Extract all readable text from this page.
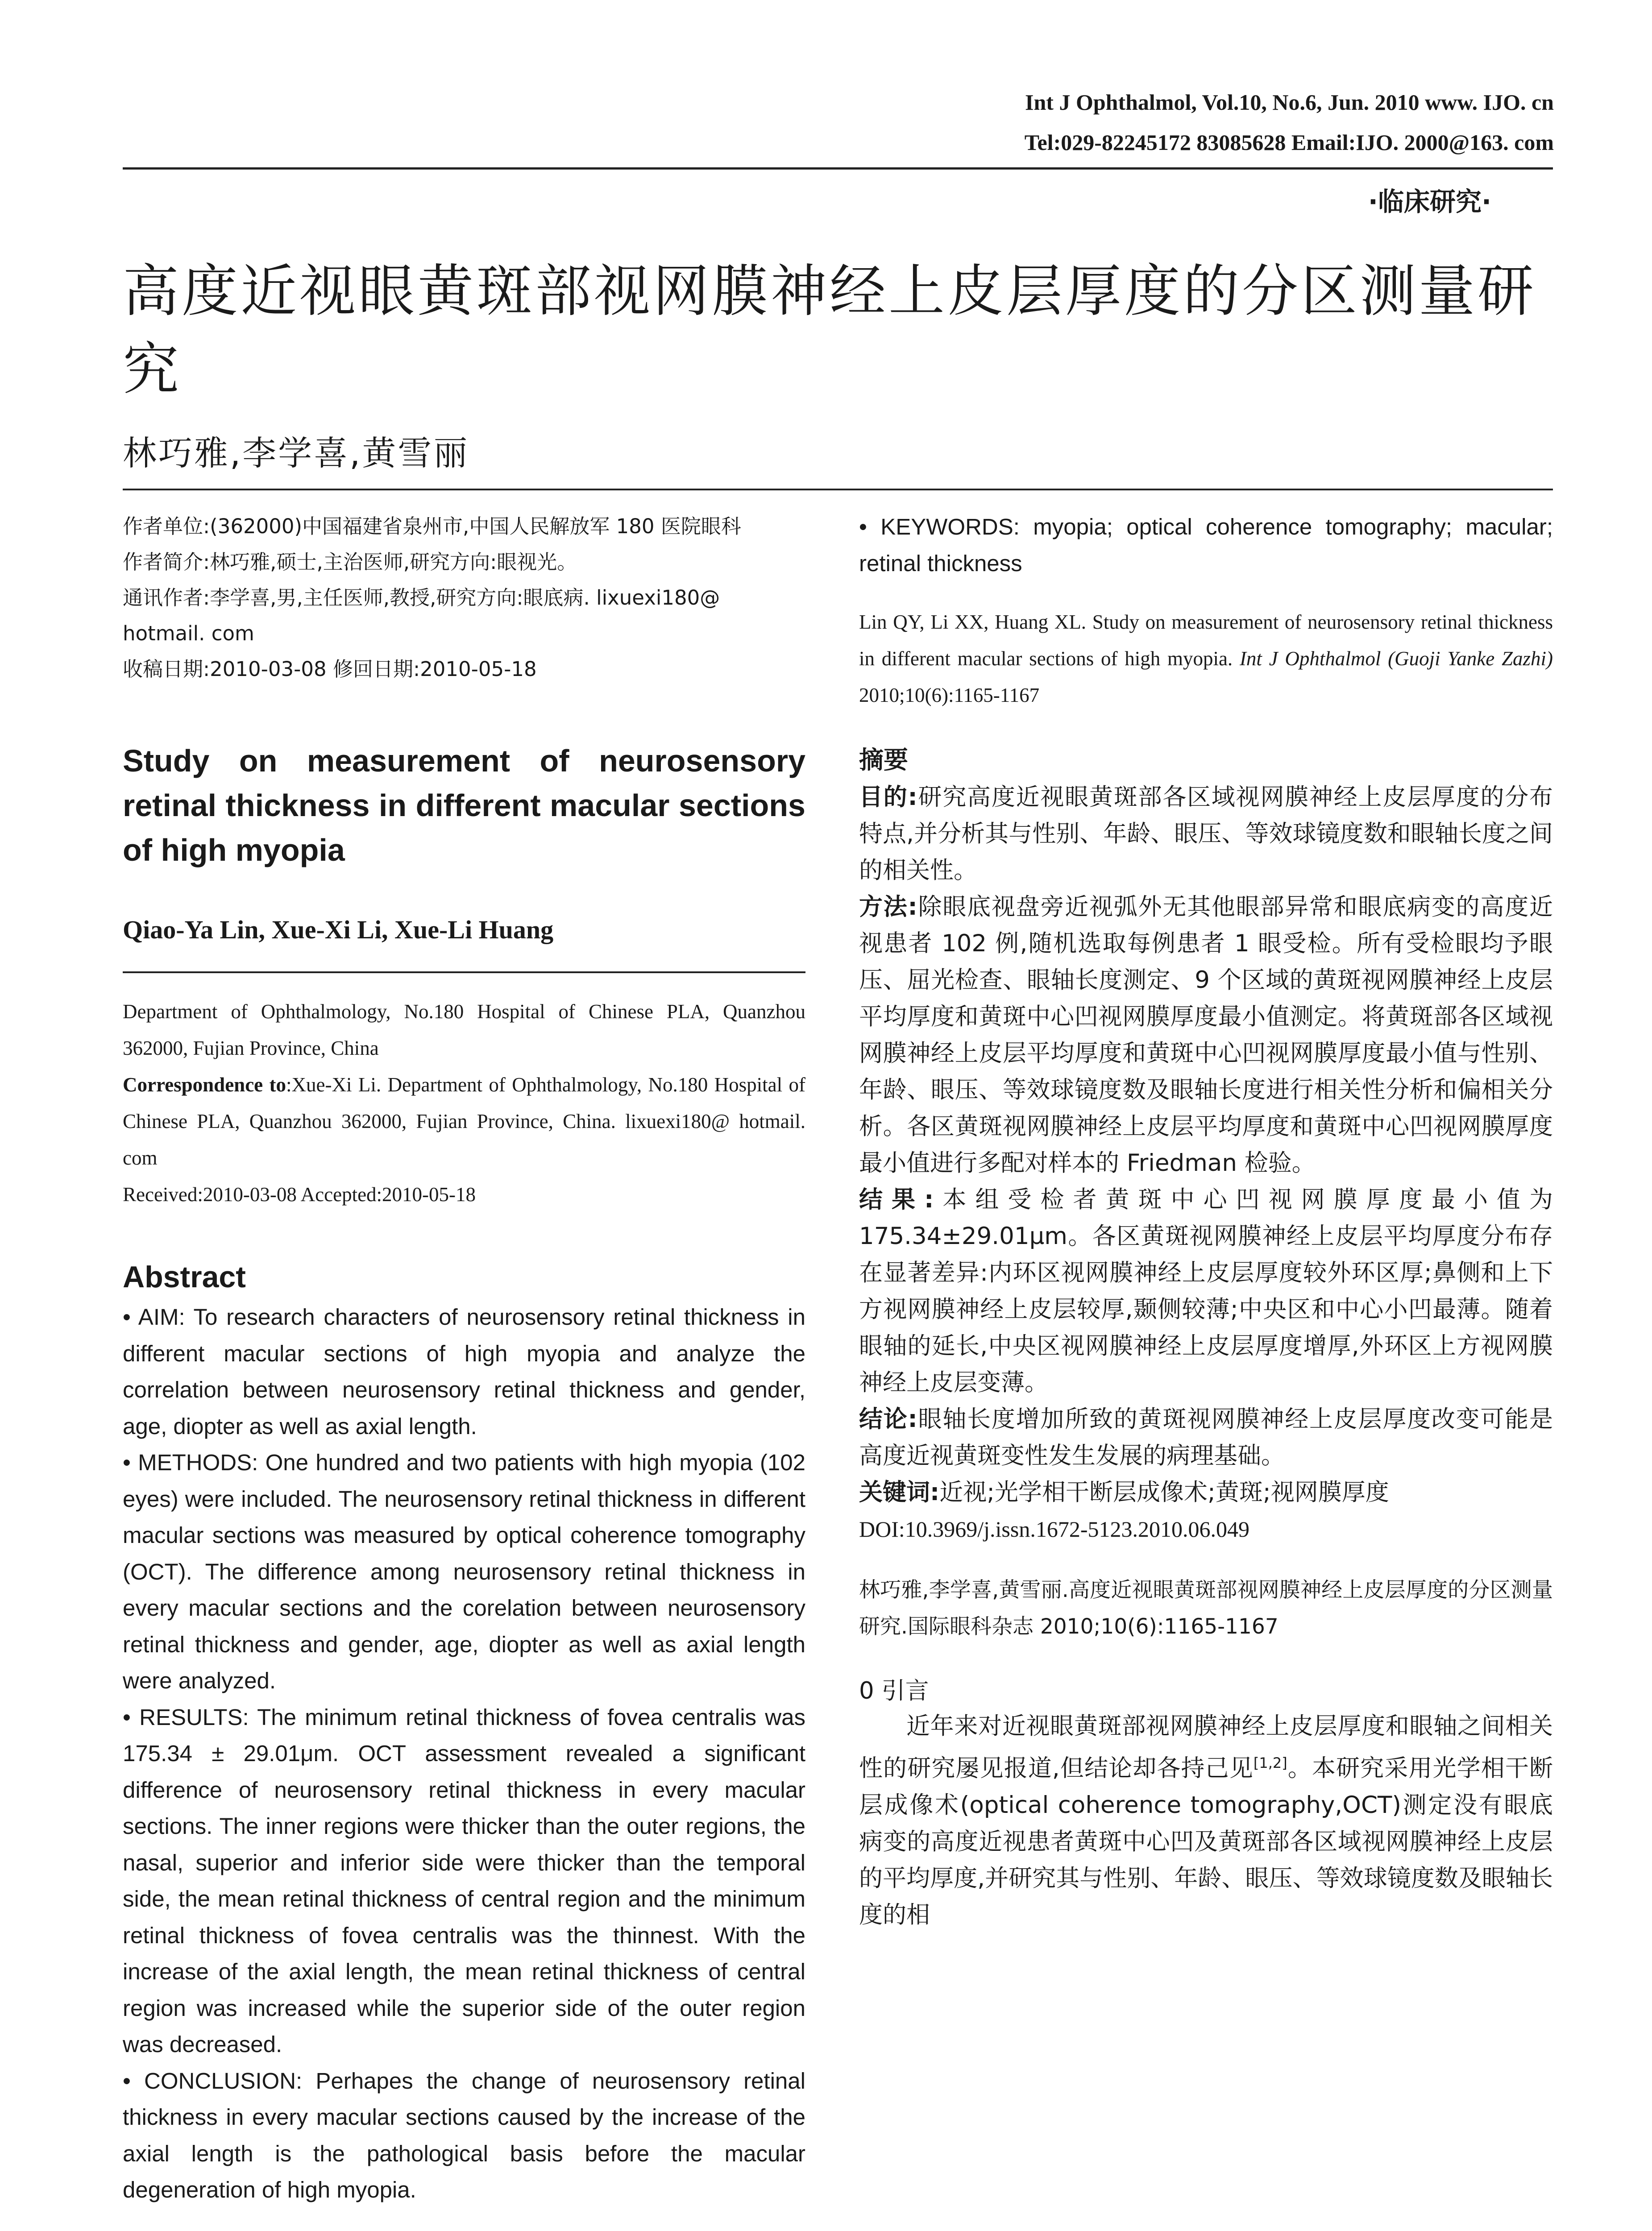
Int J Ophthalmol, Vol.10, No.6, Jun. 2010 www. IJO. cn
Tel:029-82245172 83085628 Email:IJO. 2000@163. com
·临床研究·
高度近视眼黄斑部视网膜神经上皮层厚度的分区测量研究
林巧雅,李学喜,黄雪丽

作者单位:(362000)中国福建省泉州市,中国人民解放军 180 医院眼科

作者简介:林巧雅,硕士,主治医师,研究方向:眼视光。

通讯作者:李学喜,男,主任医师,教授,研究方向:眼底病. lixuexi180@ hotmail. com

收稿日期:2010-03-08 修回日期:2010-05-18

Study on measurement of neurosensory retinal thickness in different macular sections of high myopia
Qiao-Ya Lin, Xue-Xi Li, Xue-Li Huang

Department of Ophthalmology, No.180 Hospital of Chinese PLA, Quanzhou 362000, Fujian Province, China

Correspondence to:Xue-Xi Li. Department of Ophthalmology, No.180 Hospital of Chinese PLA, Quanzhou 362000, Fujian Province, China. lixuexi180@ hotmail. com

Received:2010-03-08 Accepted:2010-05-18

Abstract

• AIM: To research characters of neurosensory retinal thickness in different macular sections of high myopia and analyze the correlation between neurosensory retinal thickness and gender, age, diopter as well as axial length.

• METHODS: One hundred and two patients with high myopia (102 eyes) were included. The neurosensory retinal thickness in different macular sections was measured by optical coherence tomography (OCT). The difference among neurosensory retinal thickness in every macular sections and the corelation between neurosensory retinal thickness and gender, age, diopter as well as axial length were analyzed.

• RESULTS: The minimum retinal thickness of fovea centralis was 175.34 ± 29.01μm. OCT assessment revealed a significant difference of neurosensory retinal thickness in every macular sections. The inner regions were thicker than the outer regions, the nasal, superior and inferior side were thicker than the temporal side, the mean retinal thickness of central region and the minimum retinal thickness of fovea centralis was the thinnest. With the increase of the axial length, the mean retinal thickness of central region was increased while the superior side of the outer region was decreased.

• CONCLUSION: Perhapes the change of neurosensory retinal thickness in every macular sections caused by the increase of the axial length is the pathological basis before the macular degeneration of high myopia.

• KEYWORDS: myopia; optical coherence tomography; macular; retinal thickness

Lin QY, Li XX, Huang XL. Study on measurement of neurosensory retinal thickness in different macular sections of high myopia. Int J Ophthalmol (Guoji Yanke Zazhi) 2010;10(6):1165-1167
摘要

目的:研究高度近视眼黄斑部各区域视网膜神经上皮层厚度的分布特点,并分析其与性别、年龄、眼压、等效球镜度数和眼轴长度之间的相关性。

方法:除眼底视盘旁近视弧外无其他眼部异常和眼底病变的高度近视患者 102 例,随机选取每例患者 1 眼受检。所有受检眼均予眼压、屈光检查、眼轴长度测定、9 个区域的黄斑视网膜神经上皮层平均厚度和黄斑中心凹视网膜厚度最小值测定。将黄斑部各区域视网膜神经上皮层平均厚度和黄斑中心凹视网膜厚度最小值与性别、年龄、眼压、等效球镜度数及眼轴长度进行相关性分析和偏相关分析。各区黄斑视网膜神经上皮层平均厚度和黄斑中心凹视网膜厚度最小值进行多配对样本的 Friedman 检验。

结果:本组受检者黄斑中心凹视网膜厚度最小值为175.34±29.01μm。各区黄斑视网膜神经上皮层平均厚度分布存在显著差异:内环区视网膜神经上皮层厚度较外环区厚;鼻侧和上下方视网膜神经上皮层较厚,颞侧较薄;中央区和中心小凹最薄。随着眼轴的延长,中央区视网膜神经上皮层厚度增厚,外环区上方视网膜神经上皮层变薄。

结论:眼轴长度增加所致的黄斑视网膜神经上皮层厚度改变可能是高度近视黄斑变性发生发展的病理基础。

关键词:近视;光学相干断层成像术;黄斑;视网膜厚度

DOI:10.3969/j.issn.1672-5123.2010.06.049

林巧雅,李学喜,黄雪丽.高度近视眼黄斑部视网膜神经上皮层厚度的分区测量研究.国际眼科杂志 2010;10(6):1165-1167
0 引言
近年来对近视眼黄斑部视网膜神经上皮层厚度和眼轴之间相关性的研究屡见报道,但结论却各持己见[1,2]。本研究采用光学相干断层成像术(optical coherence tomography,OCT)测定没有眼底病变的高度近视患者黄斑中心凹及黄斑部各区域视网膜神经上皮层的平均厚度,并研究其与性别、年龄、眼压、等效球镜度数及眼轴长度的相
